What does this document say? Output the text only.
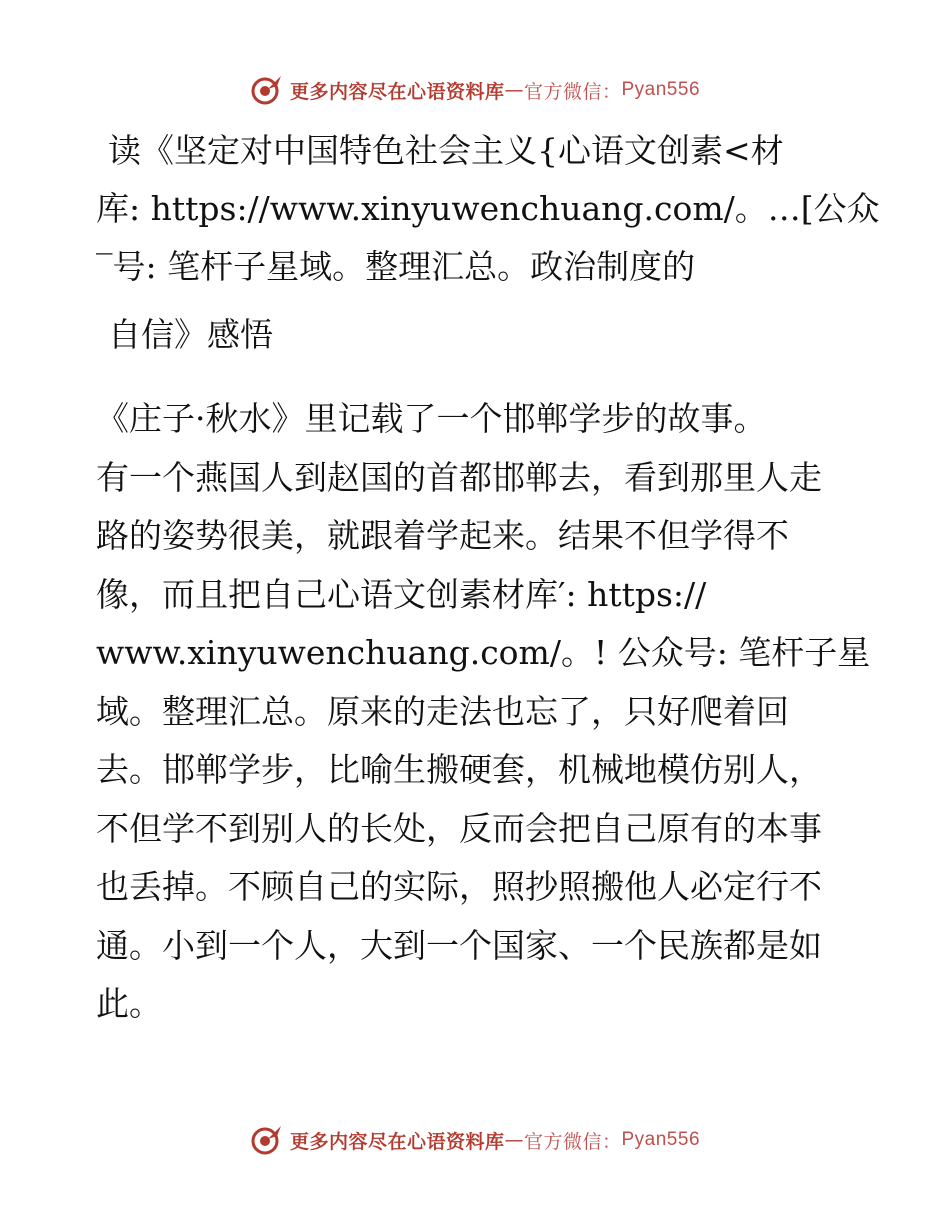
更多内容尽在心语资料库 — 官方微信： Pyan556

读《坚定对中国特色社会主义{心语文创素<材

库: https://www.xinyuwenchuang.com/。…[公众

‾号: 笔杆子星域。整理汇总。政治制度的

自信》感悟

《庄子·秋水》里记载了一个邯郸学步的故事。

有一个燕国人到赵国的首都邯郸去，看到那里人走

路的姿势很美，就跟着学起来。结果不但学得不

像，而且把自己心语文创素材库′: https://

www.xinyuwenchuang.com/。! 公众号: 笔杆子星

域。整理汇总。原来的走法也忘了，只好爬着回

去。邯郸学步，比喻生搬硬套，机械地模仿别人，

不但学不到别人的长处，反而会把自己原有的本事

也丢掉。不顾自己的实际，照抄照搬他人必定行不

通。小到一个人，大到一个国家、一个民族都是如

此。

更多内容尽在心语资料库 — 官方微信： Pyan556
